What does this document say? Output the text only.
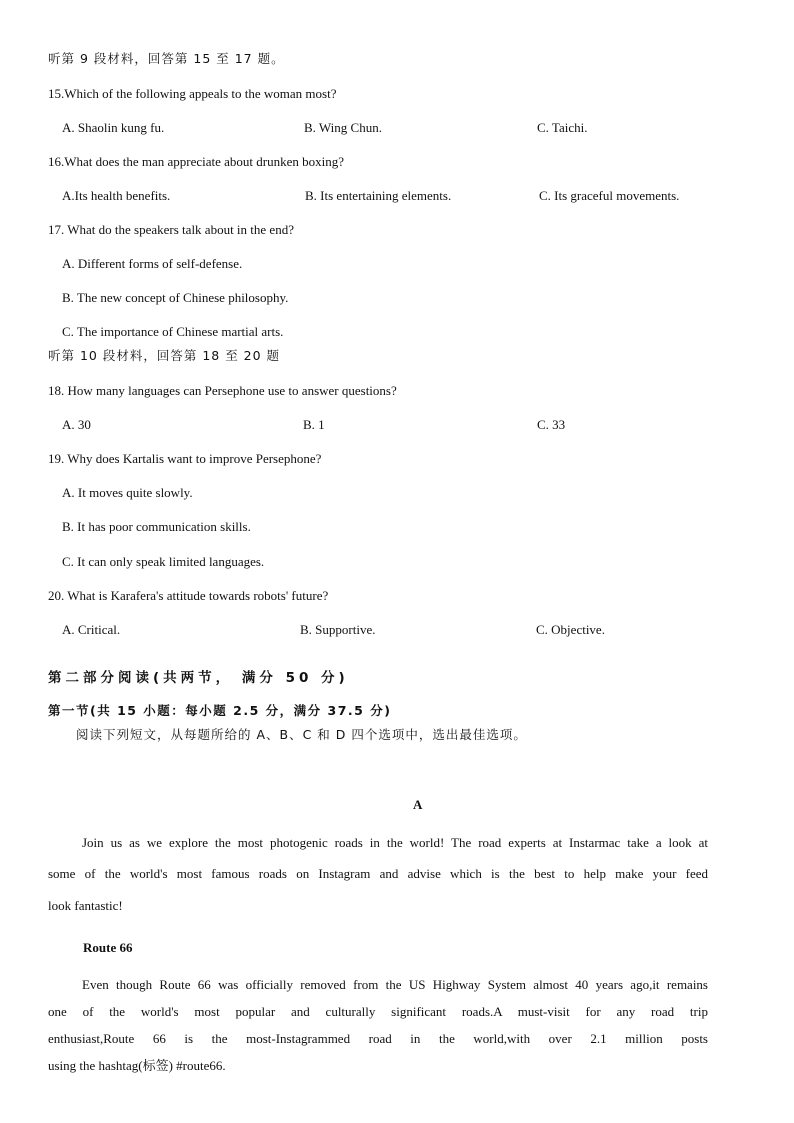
听第 9 段材料，回答第 15 至 17 题。
15.Which of the following appeals to the woman most?
A. Shaolin kung fu.	B. Wing Chun.	C. Taichi.
16.What does the man appreciate about drunken boxing?
A.Its health benefits.	B. Its entertaining elements.	C. Its graceful movements.
17. What do the speakers talk about in the end?
A. Different forms of self-defense.
B. The new concept of Chinese philosophy.
C. The importance of Chinese martial arts.
听第 10 段材料，回答第 18 至 20 题
18. How many languages can Persephone use to answer questions?
A. 30	B. 1	C. 33
19. Why does Kartalis want to improve Persephone?
A. It moves quite slowly.
B. It has poor communication skills.
C. It can only speak limited languages.
20. What is Karafera's attitude towards robots' future?
A. Critical.	B. Supportive.	C. Objective.
第二部分阅读(共两节， 满分 50 分)
第一节(共 15 小题：每小题 2.5 分，满分 37.5 分)
阅读下列短文，从每题所给的 A、B、C 和 D 四个选项中，选出最佳选项。
A
Join us as we explore the most photogenic roads in the world! The road experts at Instarmac take a look at
some of the world's most famous roads on Instagram and advise which is the best to help make your feed
look fantastic!
Route 66
Even though Route 66 was officially removed from the US Highway System almost 40 years ago,it remains
one of the world's most popular and culturally significant roads.A must-visit for any road trip
enthusiast,Route 66 is the most-Instagrammed road in the world,with over 2.1 million posts
using the hashtag(标签) #route66.
